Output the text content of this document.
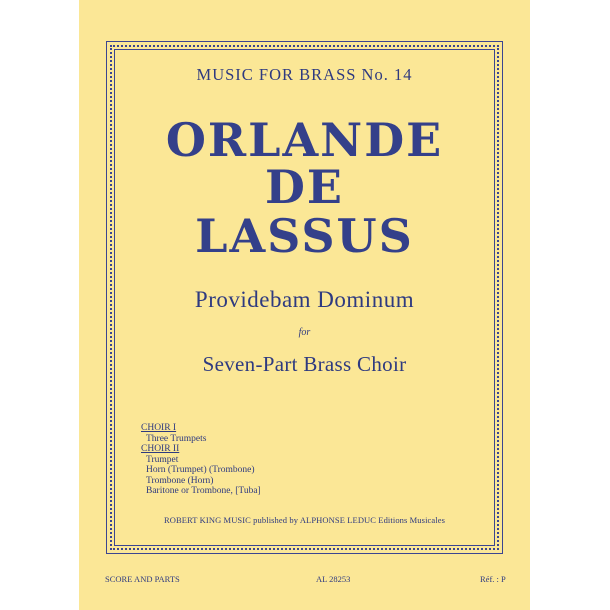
MUSIC FOR BRASS No. 14
ORLANDE
DE
LASSUS
Providebam Dominum
for
Seven-Part Brass Choir
CHOIR I
Three Trumpets
CHOIR II
Trumpet
Horn (Trumpet) (Trombone)
Trombone (Horn)
Baritone or Trombone, [Tuba]
ROBERT KING MUSIC published by ALPHONSE LEDUC Editions Musicales
SCORE AND PARTS	AL 28253	Réf. : P
